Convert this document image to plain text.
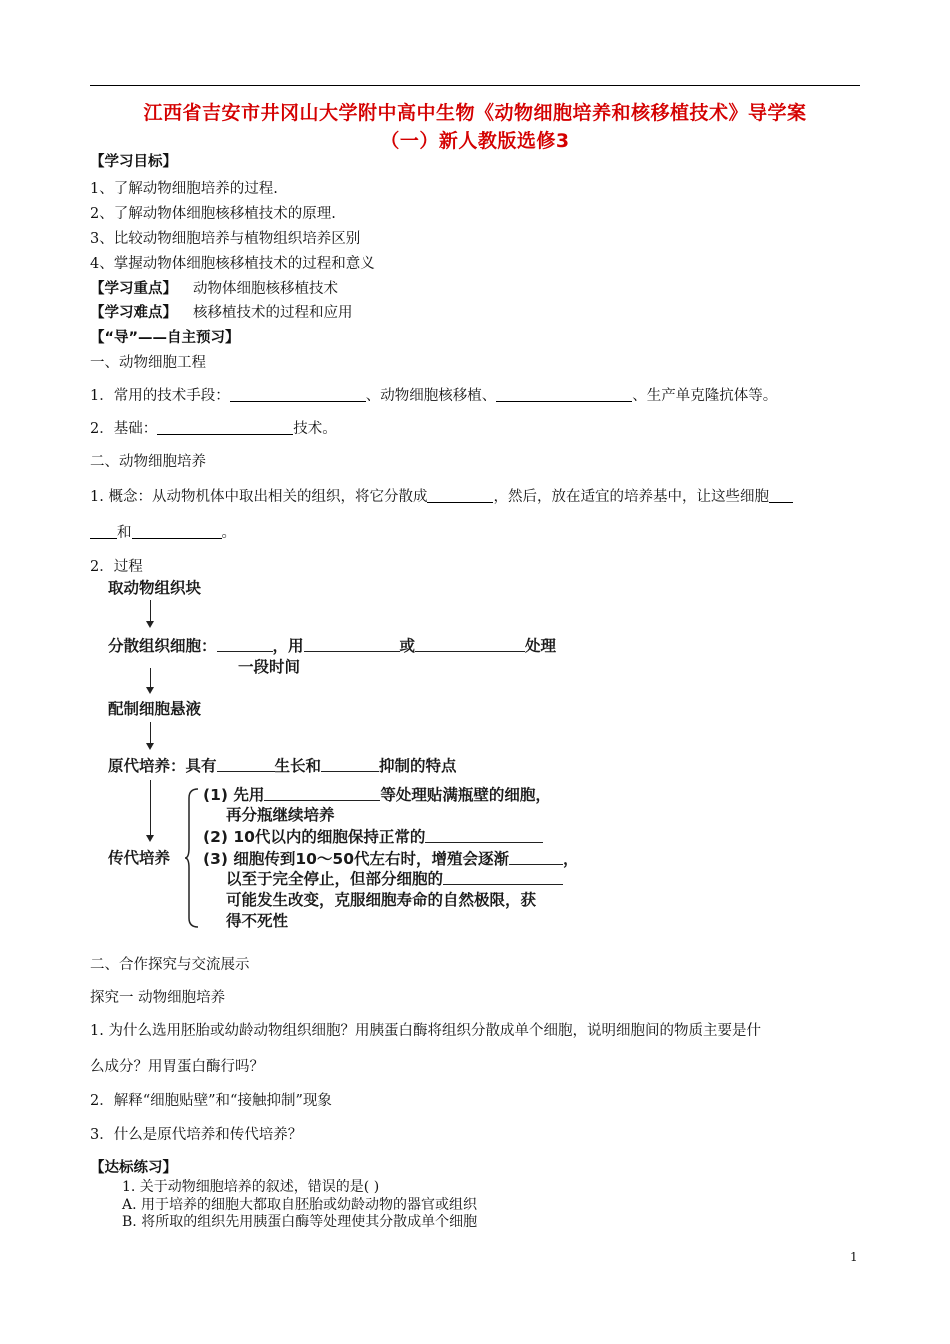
江西省吉安市井冈山大学附中高中生物《动物细胞培养和核移植技术》导学案
（一）新人教版选修3
【学习目标】
1、了解动物细胞培养的过程.
2、了解动物体细胞核移植技术的原理.
3、比较动物细胞培养与植物组织培养区别
4、掌握动物体细胞核移植技术的过程和意义
【学习重点】 动物体细胞核移植技术
【学习难点】 核移植技术的过程和应用
【“导”——自主预习】
一、动物细胞工程
1．常用的技术手段：	、动物细胞核移植、	、生产单克隆抗体等。
2．基础：	技术。
二、动物细胞培养
1. 概念：从动物机体中取出相关的组织，将它分散成	，然后，放在适宜的培养基中，让这些细胞
和	。
2．过程
取动物组织块
分散组织细胞：	，用	或	处理
一段时间
配制细胞悬液
原代培养：具有	生长和	抑制的特点
传代培养
(1) 先用	等处理贴满瓶壁的细胞，
再分瓶继续培养
(2) 10代以内的细胞保持正常的
(3) 细胞传到10～50代左右时，增殖会逐渐	，
以至于完全停止，但部分细胞的
可能发生改变，克服细胞寿命的自然极限，获
得不死性
二、合作探究与交流展示
探究一 动物细胞培养
1. 为什么选用胚胎或幼龄动物组织细胞？用胰蛋白酶将组织分散成单个细胞，说明细胞间的物质主要是什
么成分？用胃蛋白酶行吗？
2．解释“细胞贴壁”和“接触抑制”现象
3．什么是原代培养和传代培养？
【达标练习】
1. 关于动物细胞培养的叙述，错误的是( )
A. 用于培养的细胞大都取自胚胎或幼龄动物的器官或组织
B. 将所取的组织先用胰蛋白酶等处理使其分散成单个细胞
1
